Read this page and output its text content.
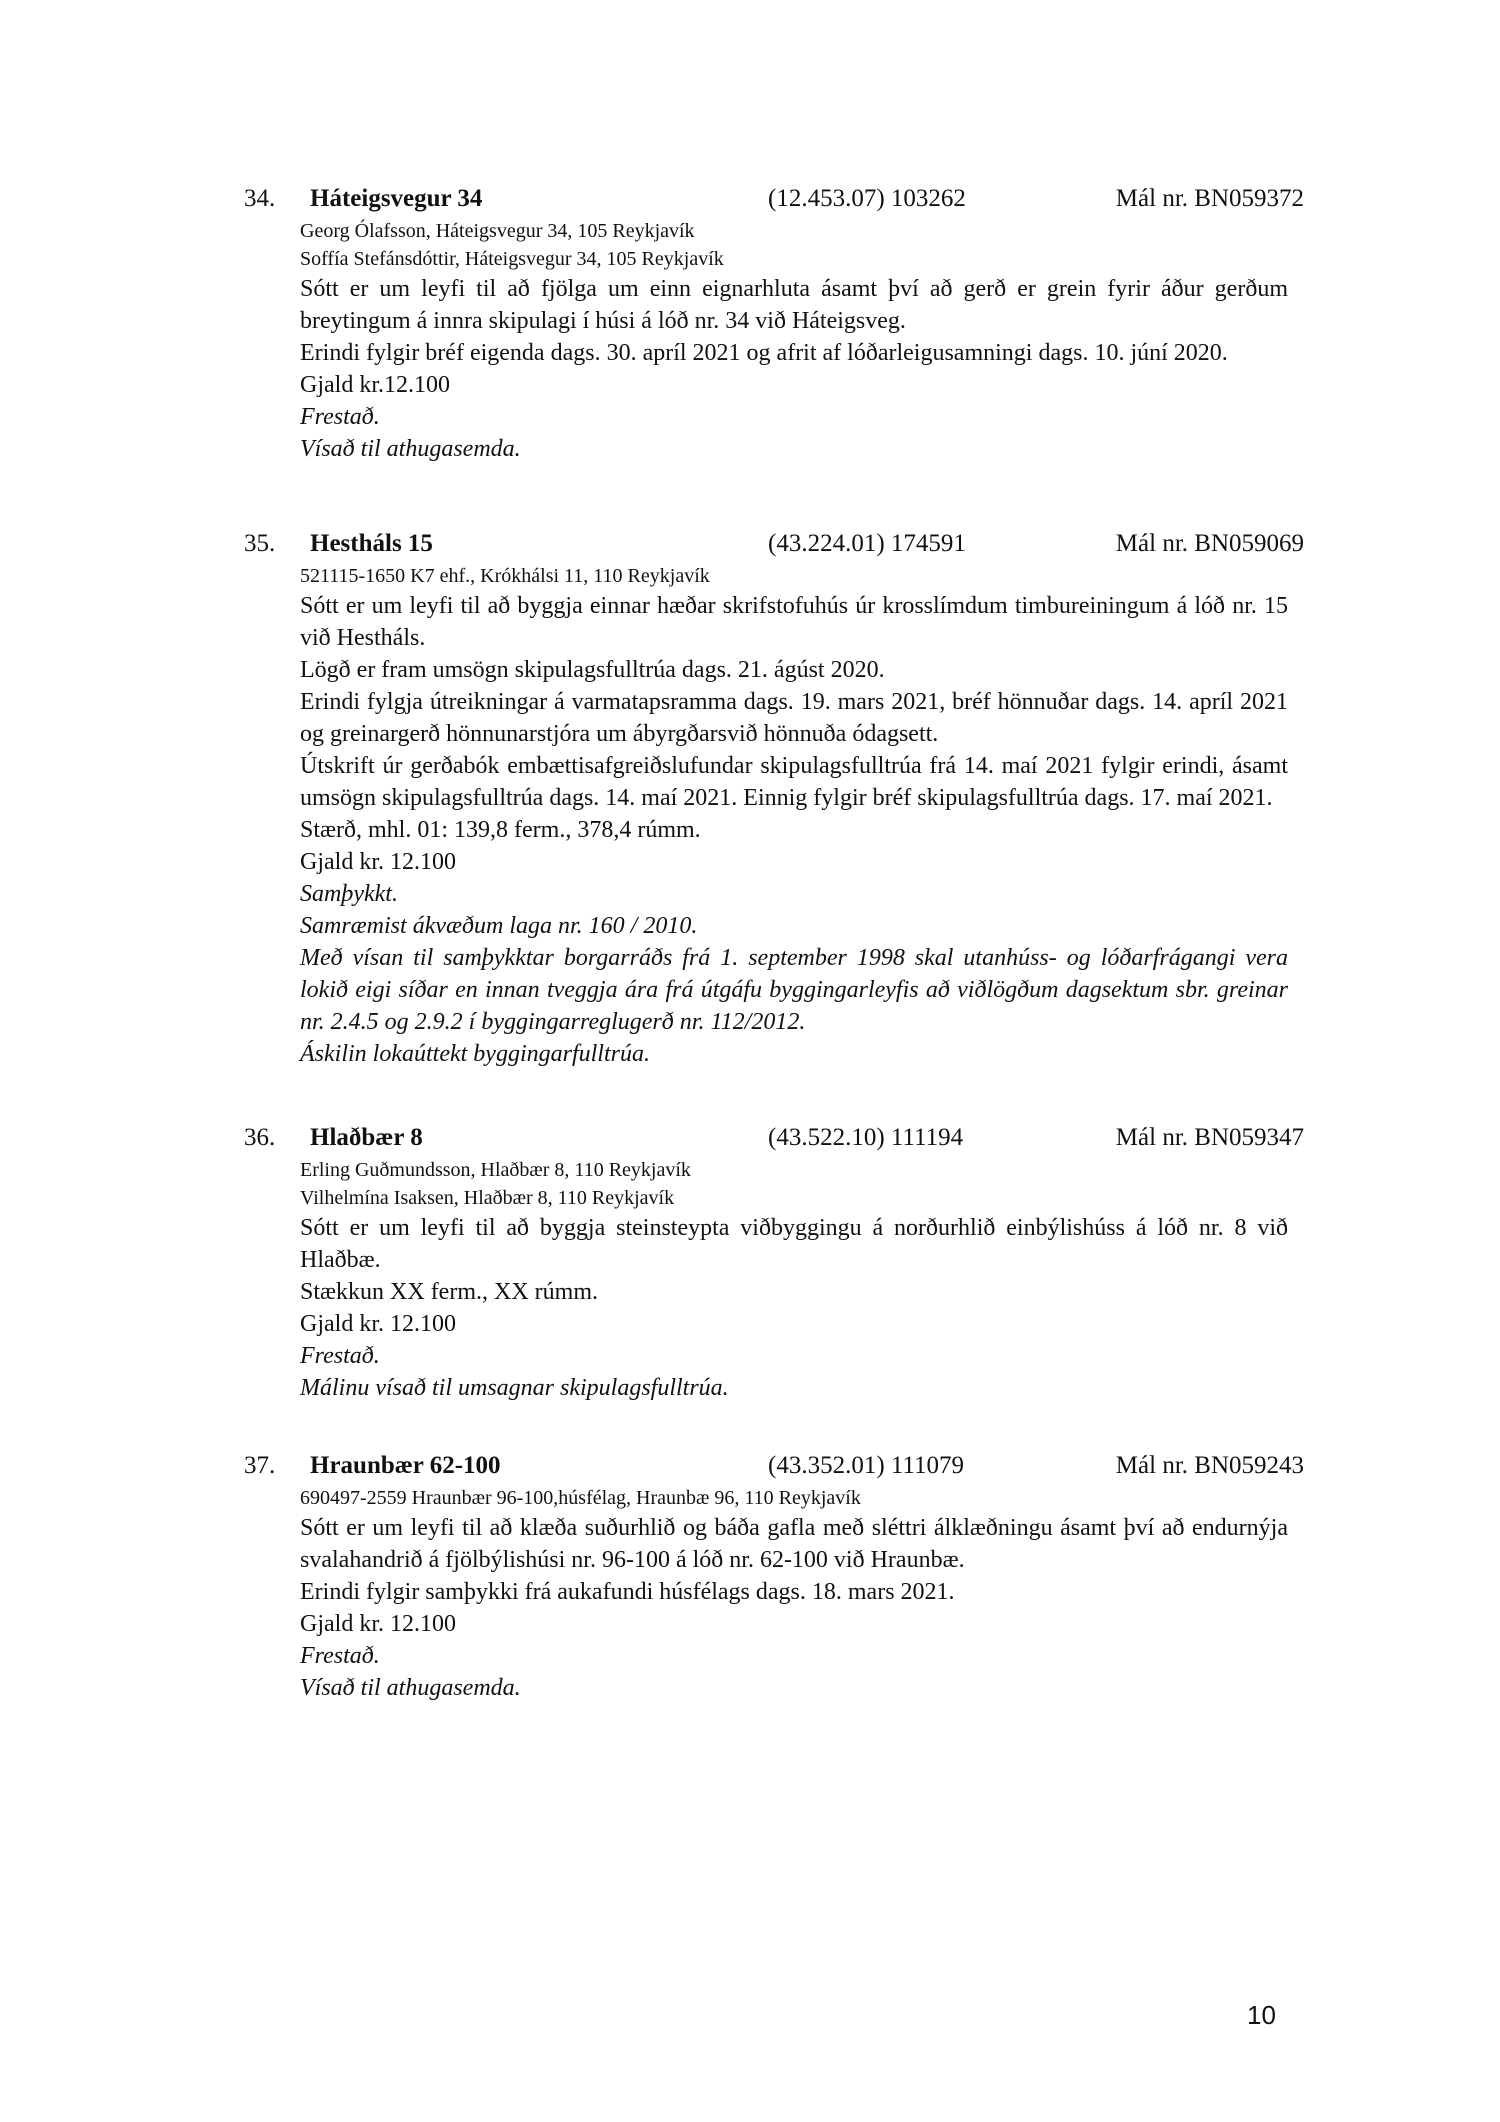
34. Háteigsvegur 34	(12.453.07) 103262	Mál nr. BN059372
Georg Ólafsson, Háteigsvegur 34, 105 Reykjavík
Soffía Stefánsdóttir, Háteigsvegur 34, 105 Reykjavík

Sótt er um leyfi til að fjölga um einn eignarhluta ásamt því að gerð er grein fyrir áður gerðum breytingum á innra skipulagi í húsi á lóð nr. 34 við Háteigsveg.

Erindi fylgir bréf eigenda dags. 30. apríl 2021 og afrit af lóðarleigusamningi dags. 10. júní 2020.

Gjald kr.12.100

Frestað.

Vísað til athugasemda.

35. Hestháls 15	(43.224.01) 174591	Mál nr. BN059069
521115-1650 K7 ehf., Krókhálsi 11, 110 Reykjavík

Sótt er um leyfi til að byggja einnar hæðar skrifstofuhús úr krosslímdum timbureiningum á lóð nr. 15 við Hestháls.

Lögð er fram umsögn skipulagsfulltrúa dags. 21. ágúst 2020.

Erindi fylgja útreikningar á varmatapsramma dags. 19. mars 2021, bréf hönnuðar dags. 14. apríl 2021 og greinargerð hönnunarstjóra um ábyrgðarsvið hönnuða ódagsett.

Útskrift úr gerðabók embættisafgreiðslufundar skipulagsfulltrúa frá 14. maí 2021 fylgir erindi, ásamt umsögn skipulagsfulltrúa dags. 14. maí 2021. Einnig fylgir bréf skipulagsfulltrúa dags. 17. maí 2021.

Stærð, mhl. 01: 139,8 ferm., 378,4 rúmm.

Gjald kr. 12.100

Samþykkt.

Samræmist ákvæðum laga nr. 160 / 2010.

Með vísan til samþykktar borgarráðs frá 1. september 1998 skal utanhúss- og lóðarfrágangi vera lokið eigi síðar en innan tveggja ára frá útgáfu byggingarleyfis að viðlögðum dagsektum sbr. greinar nr. 2.4.5 og 2.9.2 í byggingarreglugerð nr. 112/2012.

Áskilin lokaúttekt byggingarfulltrúa.

36. Hlaðbær 8	(43.522.10) 111194	Mál nr. BN059347
Erling Guðmundsson, Hlaðbær 8, 110 Reykjavík
Vilhelmína Isaksen, Hlaðbær 8, 110 Reykjavík

Sótt er um leyfi til að byggja steinsteypta viðbyggingu á norðurhlið einbýlishúss á lóð nr. 8 við Hlaðbæ.

Stækkun XX ferm., XX rúmm.

Gjald kr. 12.100

Frestað.

Málinu vísað til umsagnar skipulagsfulltrúa.

37. Hraunbær 62-100	(43.352.01) 111079	Mál nr. BN059243
690497-2559 Hraunbær 96-100,húsfélag, Hraunbæ 96, 110 Reykjavík

Sótt er um leyfi til að klæða suðurhlið og báða gafla með sléttri álklæðningu ásamt því að endurnýja svalahandrið á fjölbýlishúsi nr. 96-100 á lóð nr. 62-100 við Hraunbæ.

Erindi fylgir samþykki frá aukafundi húsfélags dags. 18. mars 2021.

Gjald kr. 12.100

Frestað.

Vísað til athugasemda.

10
